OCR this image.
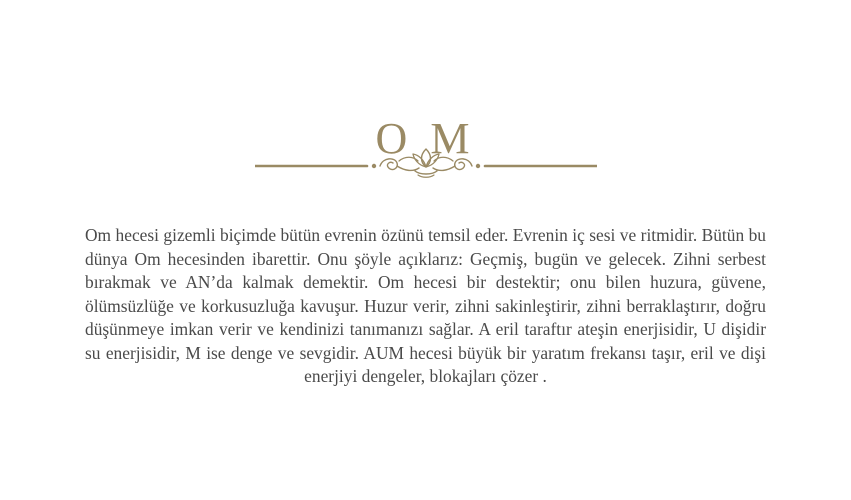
O M

Om hecesi gizemli biçimde bütün evrenin özünü temsil eder. Evrenin iç sesi ve ritmidir. Bütün bu dünya Om hecesinden ibarettir. Onu şöyle açıklarız: Geçmiş, bugün ve gelecek. Zihni serbest bırakmak ve AN’da kalmak demektir. Om hecesi bir destektir; onu bilen huzura, güvene, ölümsüzlüğe ve korkusuzluğa kavuşur. Huzur verir, zihni sakinleştirir, zihni berraklaştırır, doğru düşünmeye imkan verir ve kendinizi tanımanızı sağlar. A eril taraftır ateşin enerjisidir, U dişidir su enerjisidir, M ise denge ve sevgidir. AUM hecesi büyük bir yaratım frekansı taşır, eril ve dişi enerjiyi dengeler, blokajları çözer .
